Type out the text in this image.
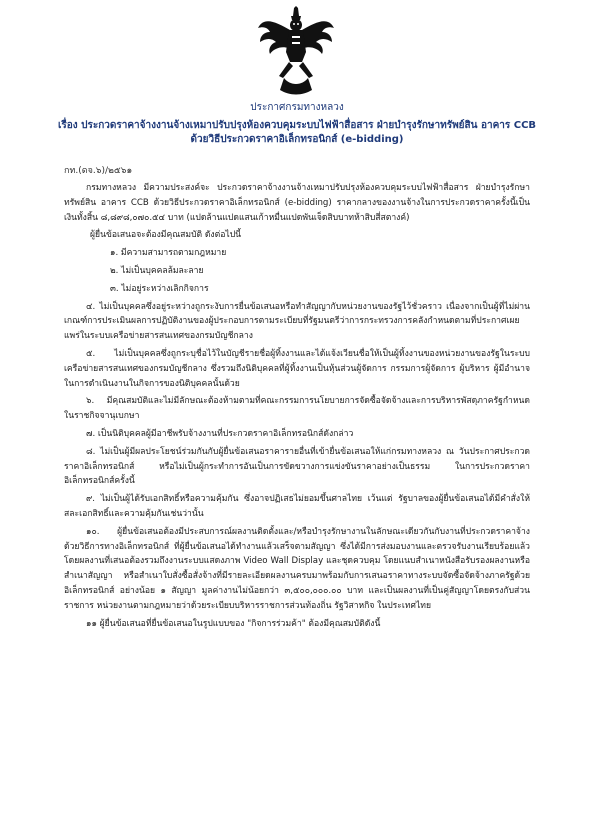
ประกาศกรมทางหลวง
เรื่อง ประกวดราคาจ้างงานจ้างเหมาปรับปรุงห้องควบคุมระบบไฟฟ้าสื่อสาร ฝ่ายบำรุงรักษาทรัพย์สิน อาคาร CCB ด้วยวิธีประกวดราคาอิเล็กทรอนิกส์ (e-bidding)
กท.(ดจ.๖)/๒๕๖๑

กรมทางหลวง มีความประสงค์จะ ประกวดราคาจ้างงานจ้างเหมาปรับปรุงห้องควบคุมระบบไฟฟ้าสื่อสาร ฝ่ายบำรุงรักษาทรัพย์สิน อาคาร CCB ด้วยวิธีประกวดราคาอิเล็กทรอนิกส์ (e-bidding) ราคากลางของงานจ้างในการประกวดราคาครั้งนี้เป็นเงินทั้งสิ้น ๘,๘๙๘,๐๗๐.๕๔ บาท (แปดล้านแปดแสนเก้าหมื่นแปดพันเจ็ดสิบบาทห้าสิบสี่สตางค์)

ผู้ยื่นข้อเสนอจะต้องมีคุณสมบัติ ดังต่อไปนี้

๑. มีความสามารถตามกฎหมาย

๒. ไม่เป็นบุคคลล้มละลาย

๓. ไม่อยู่ระหว่างเลิกกิจการ

๔. ไม่เป็นบุคคลซึ่งอยู่ระหว่างถูกระงับการยื่นข้อเสนอหรือทำสัญญากับหน่วยงานของรัฐไว้ชั่วคราว เนื่องจากเป็นผู้ที่ไม่ผ่านเกณฑ์การประเมินผลการปฏิบัติงานของผู้ประกอบการตามระเบียบที่รัฐมนตรีว่าการกระทรวงการคลังกำหนดตามที่ประกาศเผยแพร่ในระบบเครือข่ายสารสนเทศของกรมบัญชีกลาง

๕. ไม่เป็นบุคคลซึ่งถูกระบุชื่อไว้ในบัญชีรายชื่อผู้ทิ้งงานและได้แจ้งเวียนชื่อให้เป็นผู้ทิ้งงานของหน่วยงานของรัฐในระบบเครือข่ายสารสนเทศของกรมบัญชีกลาง ซึ่งรวมถึงนิติบุคคลที่ผู้ทิ้งงานเป็นหุ้นส่วนผู้จัดการ กรรมการผู้จัดการ ผู้บริหาร ผู้มีอำนาจในการดำเนินงานในกิจการของนิติบุคคลนั้นด้วย

๖. มีคุณสมบัติและไม่มีลักษณะต้องห้ามตามที่คณะกรรมการนโยบายการจัดซื้อจัดจ้างและการบริหารพัสดุภาครัฐกำหนดในราชกิจจานุเบกษา

๗. เป็นนิติบุคคลผู้มีอาชีพรับจ้างงานที่ประกวดราคาอิเล็กทรอนิกส์ดังกล่าว

๘. ไม่เป็นผู้มีผลประโยชน์ร่วมกันกับผู้ยื่นข้อเสนอราคารายอื่นที่เข้ายื่นข้อเสนอให้แก่กรมทางหลวง ณ วันประกาศประกวดราคาอิเล็กทรอนิกส์ หรือไม่เป็นผู้กระทำการอันเป็นการขัดขวางการแข่งขันราคาอย่างเป็นธรรม ในการประกวดราคาอิเล็กทรอนิกส์ครั้งนี้

๙. ไม่เป็นผู้ได้รับเอกสิทธิ์หรือความคุ้มกัน ซึ่งอาจปฏิเสธไม่ยอมขึ้นศาลไทย เว้นแต่ รัฐบาลของผู้ยื่นข้อเสนอได้มีคำสั่งให้สละเอกสิทธิ์และความคุ้มกันเช่นว่านั้น

๑๐. ผู้ยื่นข้อเสนอต้องมีประสบการณ์ผลงานติดตั้งและ/หรือบำรุงรักษางานในลักษณะเดียวกันกับงานที่ประกวดราคาจ้างด้วยวิธีการทางอิเล็กทรอนิกส์ ที่ผู้ยื่นข้อเสนอได้ทำงานแล้วเสร็จตามสัญญา ซึ่งได้มีการส่งมอบงานและตรวจรับงานเรียบร้อยแล้ว โดยผลงานที่เสนอต้องรวมถึงงานระบบแสดงภาพ Video Wall Display และชุดควบคุม โดยแนบสำเนาหนังสือรับรองผลงานหรือสำเนาสัญญา หรือสำเนาใบสั่งซื้อสั่งจ้างที่มีรายละเอียดผลงานครบมาพร้อมกับการเสนอราคาทางระบบจัดซื้อจัดจ้างภาครัฐด้วยอิเล็กทรอนิกส์ อย่างน้อย ๑ สัญญา มูลค่างานไม่น้อยกว่า ๓,๕๐๐,๐๐๐.๐๐ บาท และเป็นผลงานที่เป็นคู่สัญญาโดยตรงกับส่วนราชการ หน่วยงานตามกฎหมายว่าด้วยระเบียบบริหารราชการส่วนท้องถิ่น รัฐวิสาหกิจ ในประเทศไทย

๑๑ ผู้ยื่นข้อเสนอที่ยื่นข้อเสนอในรูปแบบของ "กิจการร่วมค้า" ต้องมีคุณสมบัติดังนี้
